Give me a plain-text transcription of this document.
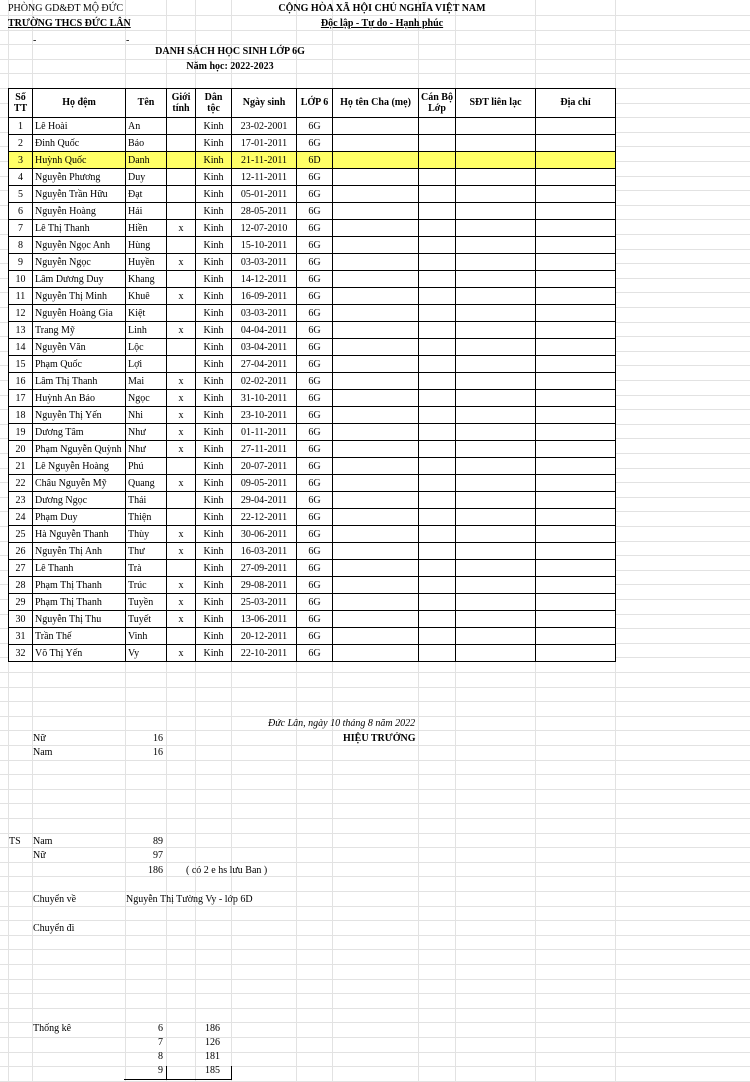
PHÒNG GD&ĐT MỘ ĐỨC
TRƯỜNG THCS ĐỨC LÂN
CỘNG HÒA XÃ HỘI CHỦ NGHĨA VIỆT NAM
Độc lập - Tự do - Hạnh phúc
-	-
DANH SÁCH HỌC SINH LỚP 6G
Năm học: 2022-2023
Số TT	Họ đệm	Tên	Giới tính	Dân tộc	Ngày sinh	LỚP 6	Họ tên Cha (mẹ)	Cán Bộ Lớp	SĐT liên lạc	Địa chỉ
1	Lê Hoài	An		Kinh	23-02-2001	6G				
2	Đinh Quốc	Bảo		Kinh	17-01-2011	6G				
3	Huỳnh Quốc	Danh		Kinh	21-11-2011	6D				
4	Nguyễn Phương	Duy		Kinh	12-11-2011	6G				
5	Nguyễn Trần Hữu	Đạt		Kinh	05-01-2011	6G				
6	Nguyễn Hoàng	Hải		Kinh	28-05-2011	6G				
7	Lê Thị Thanh	Hiền	x	Kinh	12-07-2010	6G				
8	Nguyễn Ngọc Anh	Hùng		Kinh	15-10-2011	6G				
9	Nguyễn Ngọc	Huyền	x	Kinh	03-03-2011	6G				
10	Lâm Dương Duy	Khang		Kinh	14-12-2011	6G				
11	Nguyễn Thị Minh	Khuê	x	Kinh	16-09-2011	6G				
12	Nguyễn Hoàng Gia	Kiệt		Kinh	03-03-2011	6G				
13	Trang Mỹ	Linh	x	Kinh	04-04-2011	6G				
14	Nguyễn Văn	Lộc		Kinh	03-04-2011	6G				
15	Phạm Quốc	Lợi		Kinh	27-04-2011	6G				
16	Lâm Thị Thanh	Mai	x	Kinh	02-02-2011	6G				
17	Huỳnh An Bảo	Ngọc	x	Kinh	31-10-2011	6G				
18	Nguyễn Thị Yến	Nhi	x	Kinh	23-10-2011	6G				
19	Dương Tâm	Như	x	Kinh	01-11-2011	6G				
20	Phạm Nguyễn Quỳnh	Như	x	Kinh	27-11-2011	6G				
21	Lê Nguyễn Hoàng	Phú		Kinh	20-07-2011	6G				
22	Châu Nguyễn Mỹ	Quang	x	Kinh	09-05-2011	6G				
23	Dương Ngọc	Thái		Kinh	29-04-2011	6G				
24	Phạm Duy	Thiện		Kinh	22-12-2011	6G				
25	Hà Nguyễn Thanh	Thùy	x	Kinh	30-06-2011	6G				
26	Nguyễn Thị Anh	Thư	x	Kinh	16-03-2011	6G				
27	Lê Thanh	Trà		Kinh	27-09-2011	6G				
28	Phạm Thị Thanh	Trúc	x	Kinh	29-08-2011	6G				
29	Phạm Thị Thanh	Tuyền	x	Kinh	25-03-2011	6G				
30	Nguyễn Thị Thu	Tuyết	x	Kinh	13-06-2011	6G				
31	Trần Thế	Vinh		Kinh	20-12-2011	6G				
32	Võ Thị Yến	Vy	x	Kinh	22-10-2011	6G				
Đức Lân, ngày 10 tháng 8 năm 2022
HIỆU TRƯỞNG
Nữ	16
Nam	16
TS Nam	89
Nữ	97
186 ( có 2 e hs lưu Ban )
Chuyển về	Nguyễn Thị Tường Vy - lớp 6D
Chuyển đi
Thống kê	6	186
7	126
8	181
9	185
